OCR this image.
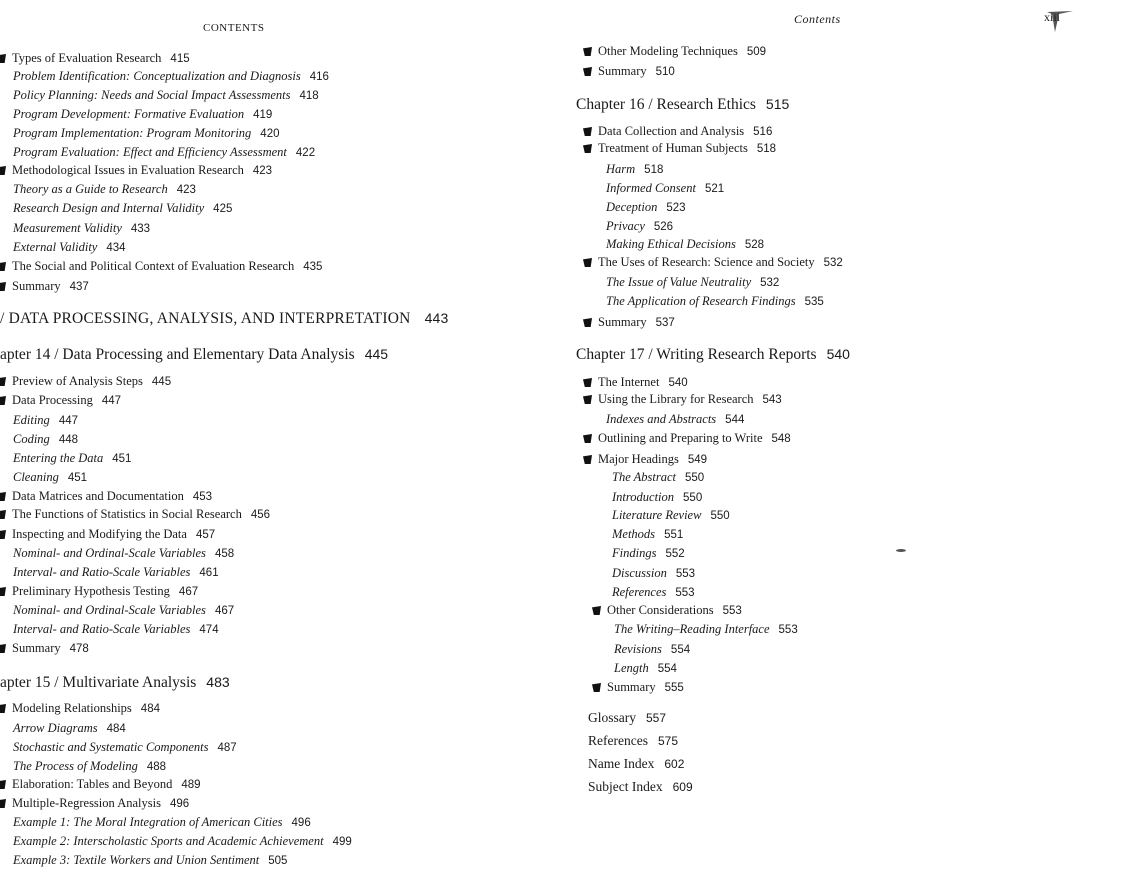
CONTENTS
Types of Evaluation Research 415
Problem Identification: Conceptualization and Diagnosis 416
Policy Planning: Needs and Social Impact Assessments 418
Program Development: Formative Evaluation 419
Program Implementation: Program Monitoring 420
Program Evaluation: Effect and Efficiency Assessment 422
Methodological Issues in Evaluation Research 423
Theory as a Guide to Research 423
Research Design and Internal Validity 425
Measurement Validity 433
External Validity 434
The Social and Political Context of Evaluation Research 435
Summary 437
/ DATA PROCESSING, ANALYSIS, AND INTERPRETATION 443
apter 14 / Data Processing and Elementary Data Analysis 445
Preview of Analysis Steps 445
Data Processing 447
Editing 447
Coding 448
Entering the Data 451
Cleaning 451
Data Matrices and Documentation 453
The Functions of Statistics in Social Research 456
Inspecting and Modifying the Data 457
Nominal- and Ordinal-Scale Variables 458
Interval- and Ratio-Scale Variables 461
Preliminary Hypothesis Testing 467
Nominal- and Ordinal-Scale Variables 467
Interval- and Ratio-Scale Variables 474
Summary 478
apter 15 / Multivariate Analysis 483
Modeling Relationships 484
Arrow Diagrams 484
Stochastic and Systematic Components 487
The Process of Modeling 488
Elaboration: Tables and Beyond 489
Multiple-Regression Analysis 496
Example 1: The Moral Integration of American Cities 496
Example 2: Interscholastic Sports and Academic Achievement 499
Example 3: Textile Workers and Union Sentiment 505
Contents	xiii
Other Modeling Techniques 509
Summary 510
Chapter 16 / Research Ethics 515
Data Collection and Analysis 516
Treatment of Human Subjects 518
Harm 518
Informed Consent 521
Deception 523
Privacy 526
Making Ethical Decisions 528
The Uses of Research: Science and Society 532
The Issue of Value Neutrality 532
The Application of Research Findings 535
Summary 537
Chapter 17 / Writing Research Reports 540
The Internet 540
Using the Library for Research 543
Indexes and Abstracts 544
Outlining and Preparing to Write 548
Major Headings 549
The Abstract 550
Introduction 550
Literature Review 550
Methods 551
Findings 552
Discussion 553
References 553
Other Considerations 553
The Writing–Reading Interface 553
Revisions 554
Length 554
Summary 555
Glossary 557
References 575
Name Index 602
Subject Index 609
